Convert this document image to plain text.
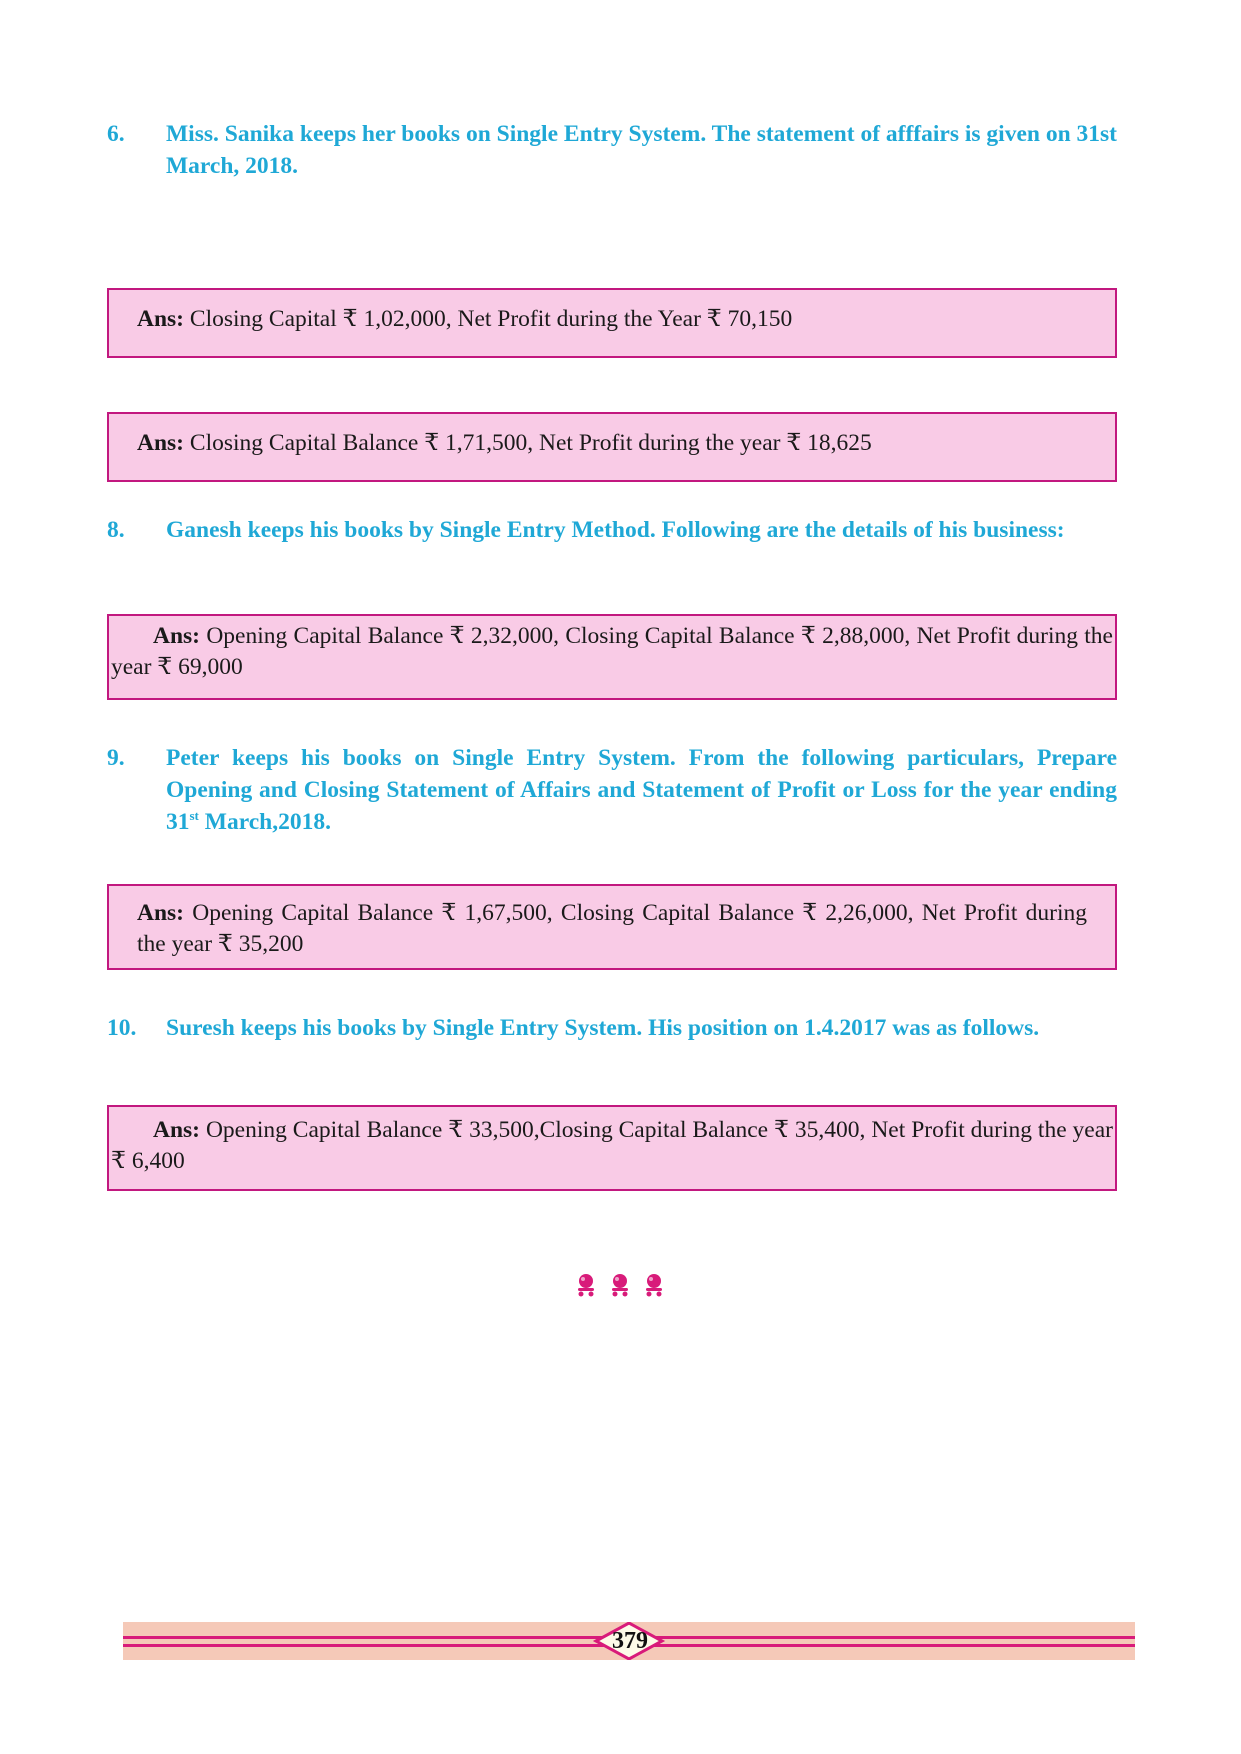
6. Miss. Sanika keeps her books on Single Entry System. The statement of afffairs is given on 31st March, 2018.
Ans: Closing Capital ₹ 1,02,000, Net Profit during the Year ₹ 70,150
Ans: Closing Capital Balance ₹ 1,71,500, Net Profit during the year ₹ 18,625
8. Ganesh keeps his books by Single Entry Method. Following are the details of his business:
Ans: Opening Capital Balance ₹ 2,32,000, Closing Capital Balance ₹ 2,88,000, Net Profit during the year ₹ 69,000
9. Peter keeps his books on Single Entry System. From the following particulars, Prepare Opening and Closing Statement of Affairs and Statement of Profit or Loss for the year ending 31st March,2018.
Ans: Opening Capital Balance ₹ 1,67,500, Closing Capital Balance ₹ 2,26,000, Net Profit during the year ₹ 35,200
10. Suresh keeps his books by Single Entry System. His position on 1.4.2017 was as follows.
Ans: Opening Capital Balance ₹ 33,500,Closing Capital Balance ₹ 35,400, Net Profit during the year ₹ 6,400
379
